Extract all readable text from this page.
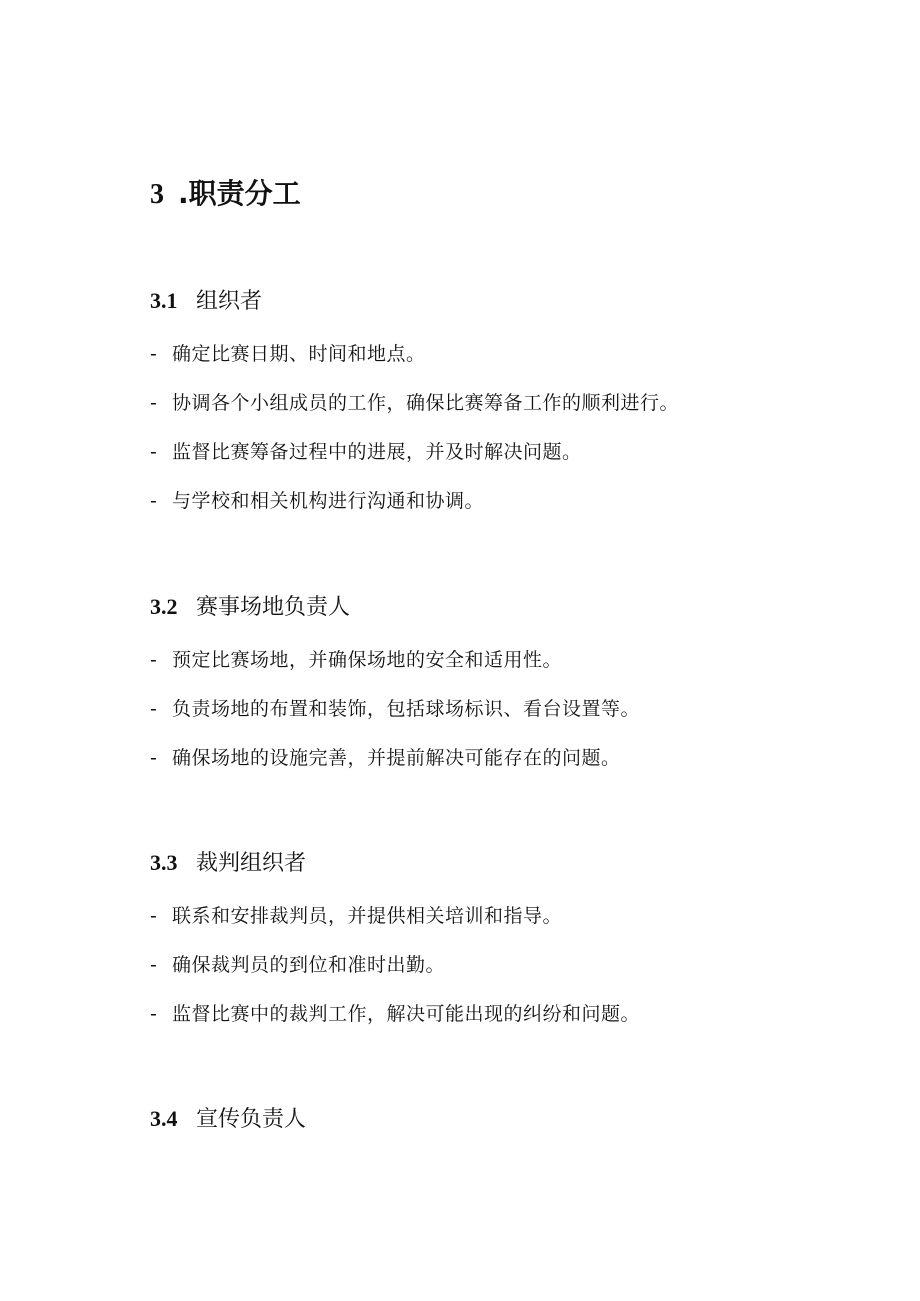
3 .职责分工
3.1 组织者
- 确定比赛日期、时间和地点。
- 协调各个小组成员的工作，确保比赛筹备工作的顺利进行。
- 监督比赛筹备过程中的进展，并及时解决问题。
- 与学校和相关机构进行沟通和协调。
3.2 赛事场地负责人
- 预定比赛场地，并确保场地的安全和适用性。
- 负责场地的布置和装饰，包括球场标识、看台设置等。
- 确保场地的设施完善，并提前解决可能存在的问题。
3.3 裁判组织者
- 联系和安排裁判员，并提供相关培训和指导。
- 确保裁判员的到位和准时出勤。
- 监督比赛中的裁判工作，解决可能出现的纠纷和问题。
3.4 宣传负责人
